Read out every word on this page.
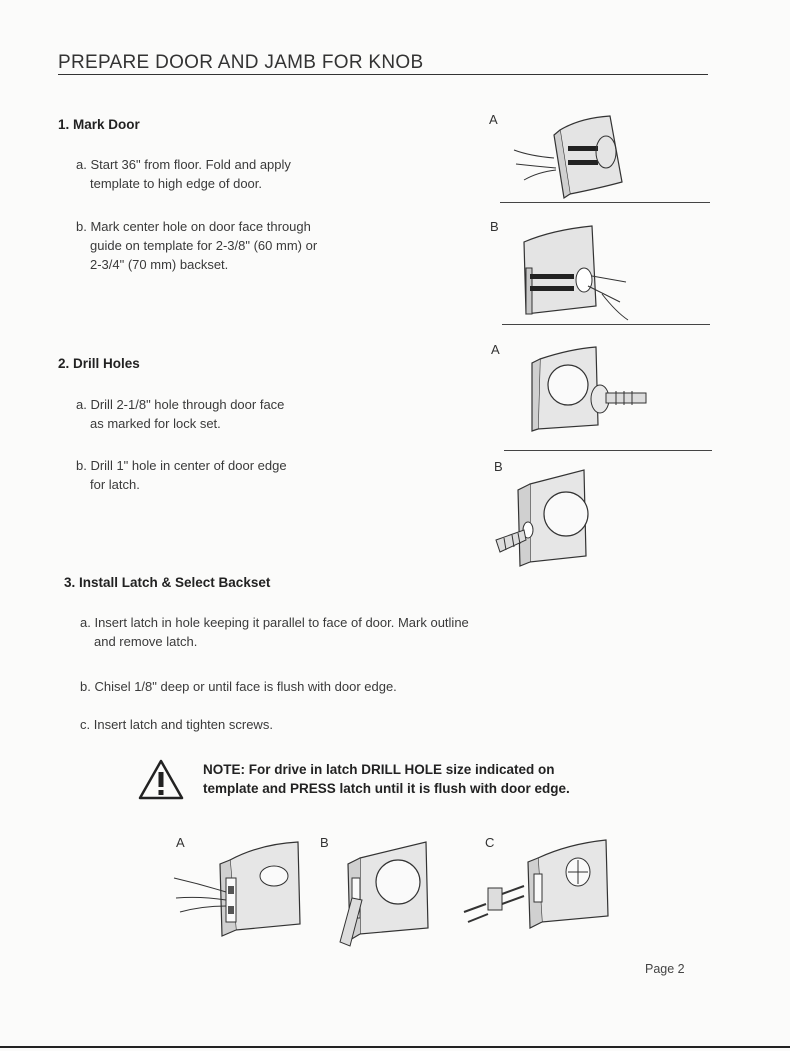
PREPARE DOOR AND JAMB FOR KNOB
1. Mark Door
a. Start 36" from floor. Fold and apply

template to high edge of door.
b. Mark center hole on door face through

guide on template for 2-3/8" (60 mm) or
2-3/4" (70 mm) backset.
2. Drill Holes
a. Drill 2-1/8" hole through door face

as marked for lock set.
b. Drill 1" hole in center of door edge

for latch.
3. Install Latch & Select Backset
a. Insert latch in hole keeping it parallel to face of door. Mark outline

and remove latch.
b. Chisel 1/8" deep or until face is flush with door edge.
c. Insert latch and tighten screws.
NOTE: For drive in latch DRILL HOLE size indicated on
template and PRESS latch until it is flush with door edge.
A
B
A
B
A	B	C
Page 2
